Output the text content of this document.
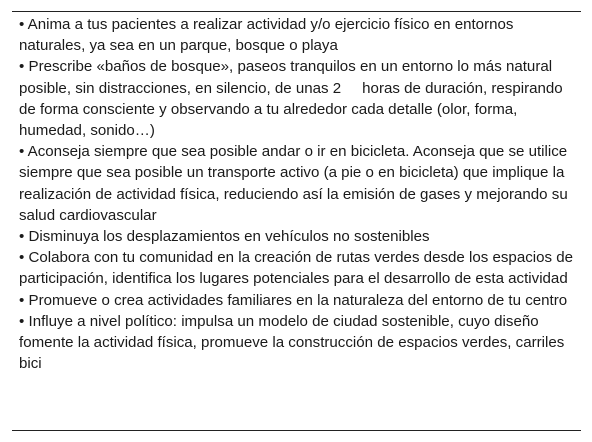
• Anima a tus pacientes a realizar actividad y/o ejercicio físico en entornos naturales, ya sea en un parque, bosque o playa
• Prescribe «baños de bosque», paseos tranquilos en un entorno lo más natural posible, sin distracciones, en silencio, de unas 2     horas de duración, respirando de forma consciente y observando a tu alrededor cada detalle (olor, forma, humedad, sonido…)
• Aconseja siempre que sea posible andar o ir en bicicleta. Aconseja que se utilice siempre que sea posible un transporte activo (a pie o en bicicleta) que implique la realización de actividad física, reduciendo así la emisión de gases y mejorando su salud cardiovascular
• Disminuya los desplazamientos en vehículos no sostenibles
• Colabora con tu comunidad en la creación de rutas verdes desde los espacios de participación, identifica los lugares potenciales para el desarrollo de esta actividad
• Promueve o crea actividades familiares en la naturaleza del entorno de tu centro
• Influye a nivel político: impulsa un modelo de ciudad sostenible, cuyo diseño fomente la actividad física, promueve la construcción de espacios verdes, carriles bici
